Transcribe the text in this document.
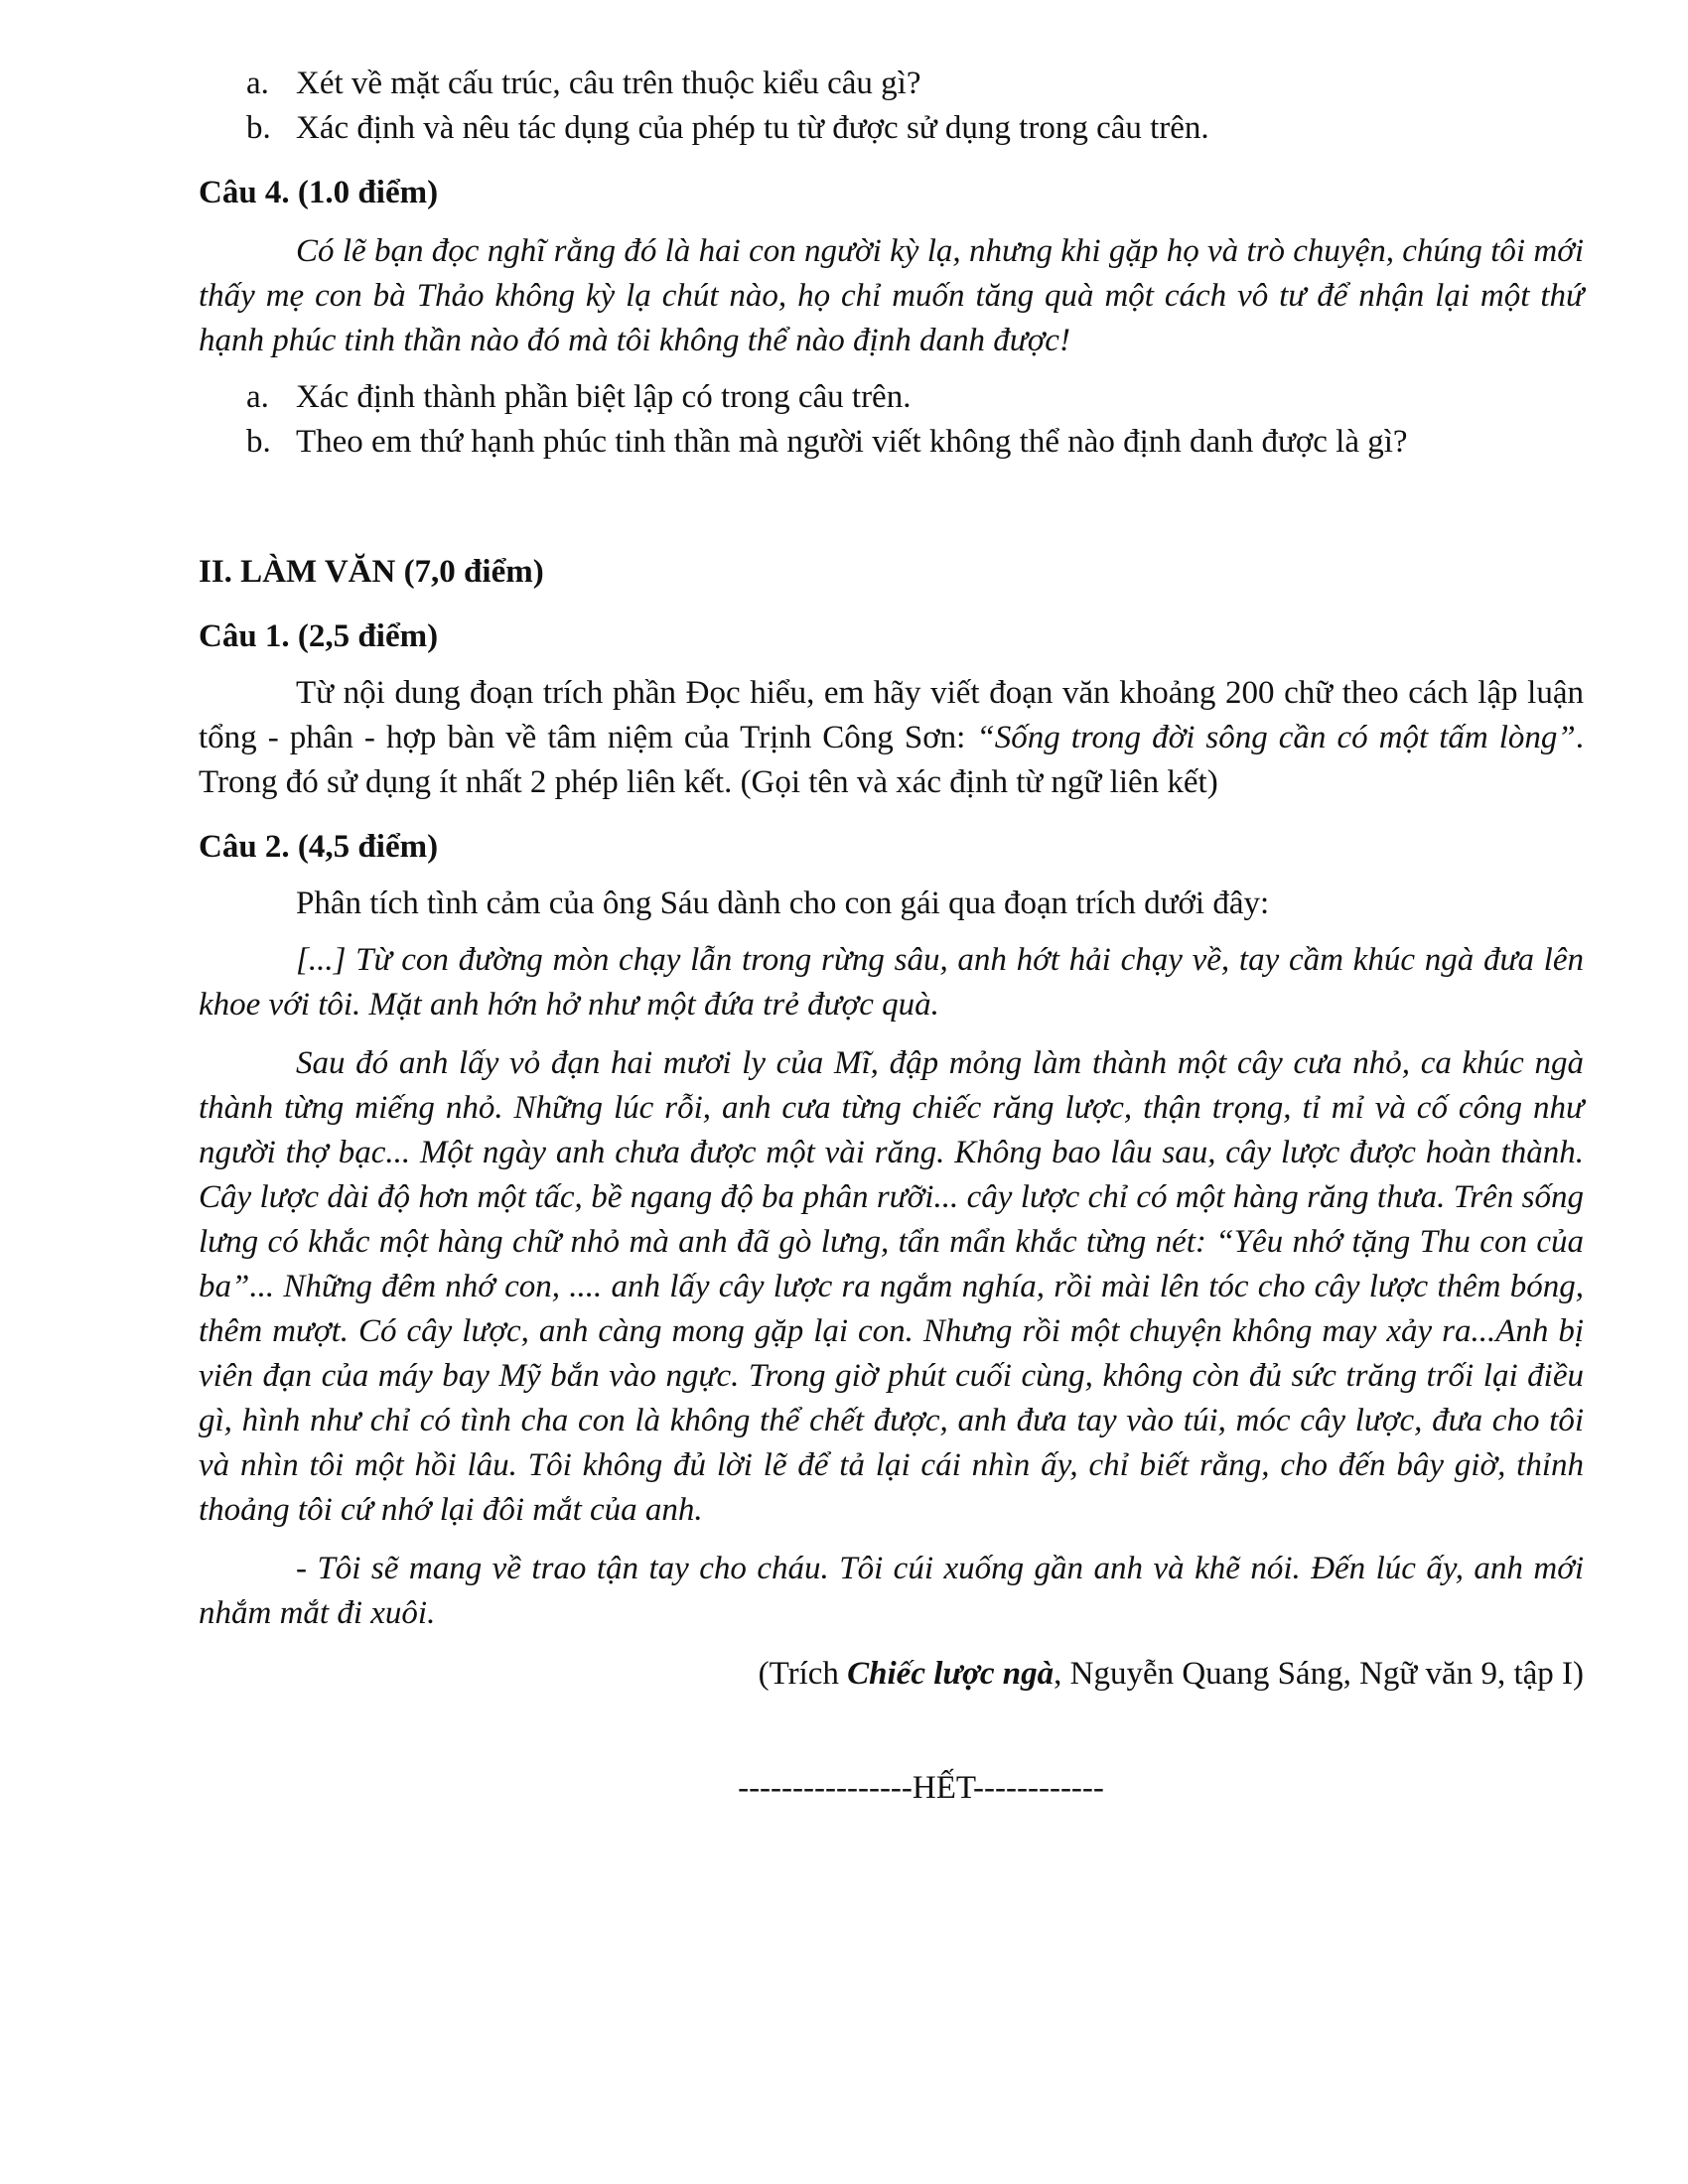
a. Xét về mặt cấu trúc, câu trên thuộc kiểu câu gì?
b. Xác định và nêu tác dụng của phép tu từ được sử dụng trong câu trên.
Câu 4. (1.0 điểm)
Có lẽ bạn đọc nghĩ rằng đó là hai con người kỳ lạ, nhưng khi gặp họ và trò chuyện, chúng tôi mới thấy mẹ con bà Thảo không kỳ lạ chút nào, họ chỉ muốn tăng quà một cách vô tư để nhận lại một thứ hạnh phúc tinh thần nào đó mà tôi không thể nào định danh được!
a. Xác định thành phần biệt lập có trong câu trên.
b. Theo em thứ hạnh phúc tinh thần mà người viết không thể nào định danh được là gì?
II. LÀM VĂN (7,0 điểm)
Câu 1. (2,5 điểm)
Từ nội dung đoạn trích phần Đọc hiểu, em hãy viết đoạn văn khoảng 200 chữ theo cách lập luận tổng - phân - hợp bàn về tâm niệm của Trịnh Công Sơn: “Sống trong đời sông cần có một tấm lòng”. Trong đó sử dụng ít nhất 2 phép liên kết. (Gọi tên và xác định từ ngữ liên kết)
Câu 2. (4,5 điểm)
Phân tích tình cảm của ông Sáu dành cho con gái qua đoạn trích dưới đây:
[...] Từ con đường mòn chạy lẫn trong rừng sâu, anh hớt hải chạy về, tay cầm khúc ngà đưa lên khoe với tôi. Mặt anh hớn hở như một đứa trẻ được quà.
Sau đó anh lấy vỏ đạn hai mươi ly của Mĩ, đập mỏng làm thành một cây cưa nhỏ, ca khúc ngà thành từng miếng nhỏ. Những lúc rỗi, anh cưa từng chiếc răng lược, thận trọng, tỉ mỉ và cố công như người thợ bạc... Một ngày anh chưa được một vài răng. Không bao lâu sau, cây lược được hoàn thành. Cây lược dài độ hơn một tấc, bề ngang độ ba phân rưỡi... cây lược chỉ có một hàng răng thưa. Trên sống lưng có khắc một hàng chữ nhỏ mà anh đã gò lưng, tẩn mẩn khắc từng nét: “Yêu nhớ tặng Thu con của ba”... Những đêm nhớ con, .... anh lấy cây lược ra ngắm nghía, rồi mài lên tóc cho cây lược thêm bóng, thêm mượt. Có cây lược, anh càng mong gặp lại con. Nhưng rồi một chuyện không may xảy ra...Anh bị viên đạn của máy bay Mỹ bắn vào ngực. Trong giờ phút cuối cùng, không còn đủ sức trăng trối lại điều gì, hình như chỉ có tình cha con là không thể chết được, anh đưa tay vào túi, móc cây lược, đưa cho tôi và nhìn tôi một hồi lâu. Tôi không đủ lời lẽ để tả lại cái nhìn ấy, chỉ biết rằng, cho đến bây giờ, thỉnh thoảng tôi cứ nhớ lại đôi mắt của anh.
- Tôi sẽ mang về trao tận tay cho cháu. Tôi cúi xuống gần anh và khẽ nói. Đến lúc ấy, anh mới nhắm mắt đi xuôi.
(Trích Chiếc lược ngà, Nguyễn Quang Sáng, Ngữ văn 9, tập I)
----------------HẾT------------
